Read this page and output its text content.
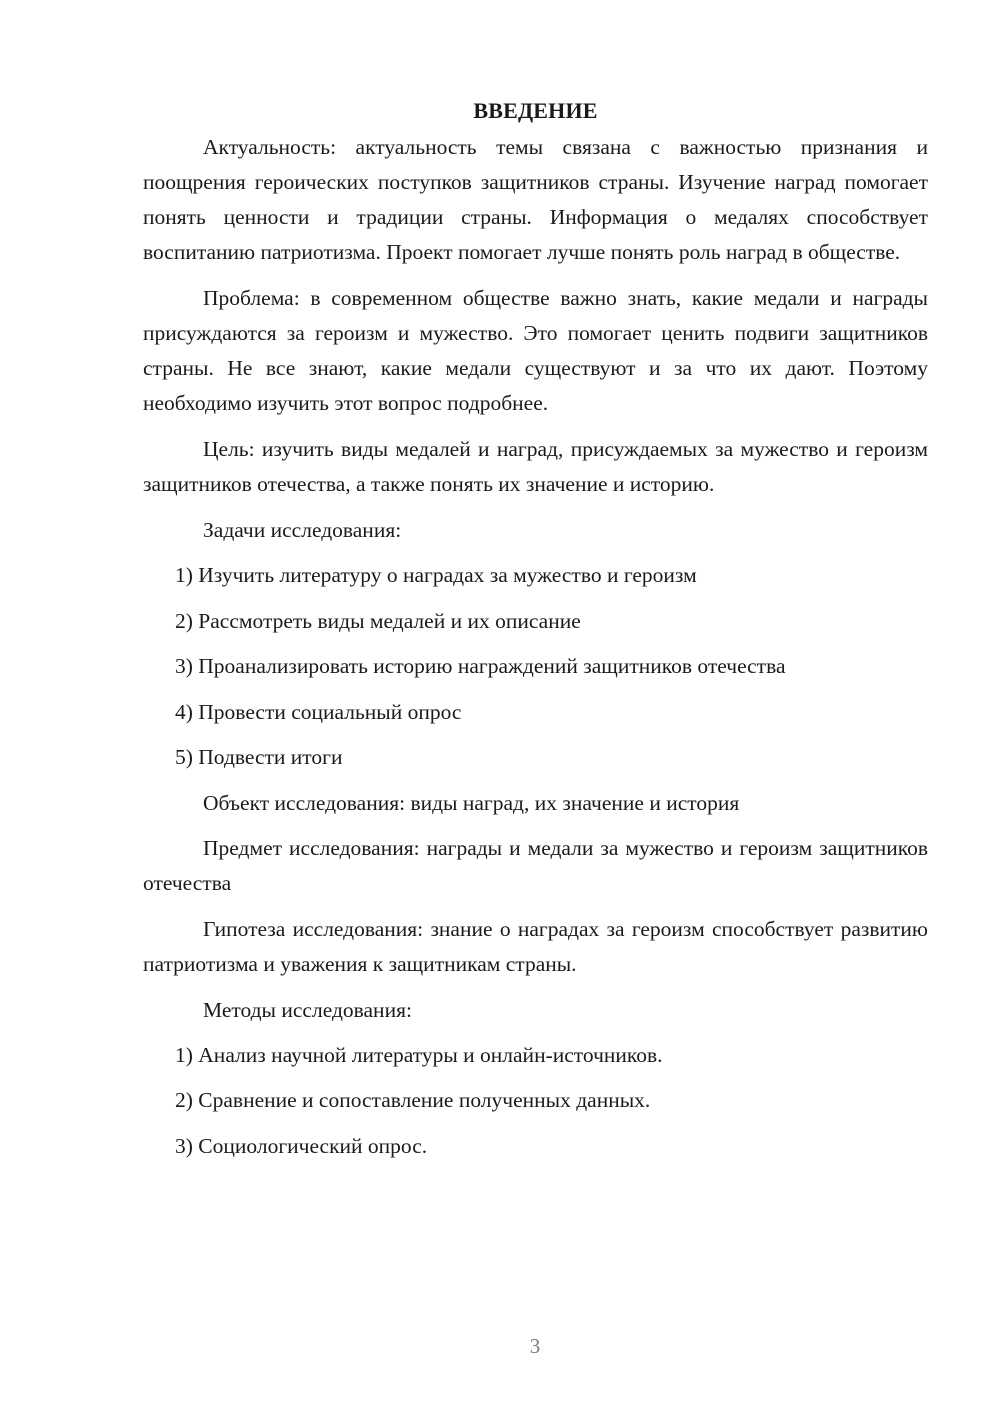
ВВЕДЕНИЕ

Актуальность: актуальность темы связана с важностью признания и поощрения героических поступков защитников страны. Изучение наград помогает понять ценности и традиции страны. Информация о медалях способствует воспитанию патриотизма. Проект помогает лучше понять роль наград в обществе.

Проблема: в современном обществе важно знать, какие медали и награды присуждаются за героизм и мужество. Это помогает ценить подвиги защитников страны. Не все знают, какие медали существуют и за что их дают. Поэтому необходимо изучить этот вопрос подробнее.

Цель: изучить виды медалей и наград, присуждаемых за мужество и героизм защитников отечества, а также понять их значение и историю.

Задачи исследования:
1) Изучить литературу о наградах за мужество и героизм
2) Рассмотреть виды медалей и их описание
3) Проанализировать историю награждений защитников отечества
4) Провести социальный опрос
5) Подвести итоги
Объект исследования: виды наград, их значение и история

Предмет исследования: награды и медали за мужество и героизм защитников отечества

Гипотеза исследования: знание о наградах за героизм способствует развитию патриотизма и уважения к защитникам страны.

Методы исследования:
1) Анализ научной литературы и онлайн-источников.
2) Сравнение и сопоставление полученных данных.
3) Социологический опрос.
3
